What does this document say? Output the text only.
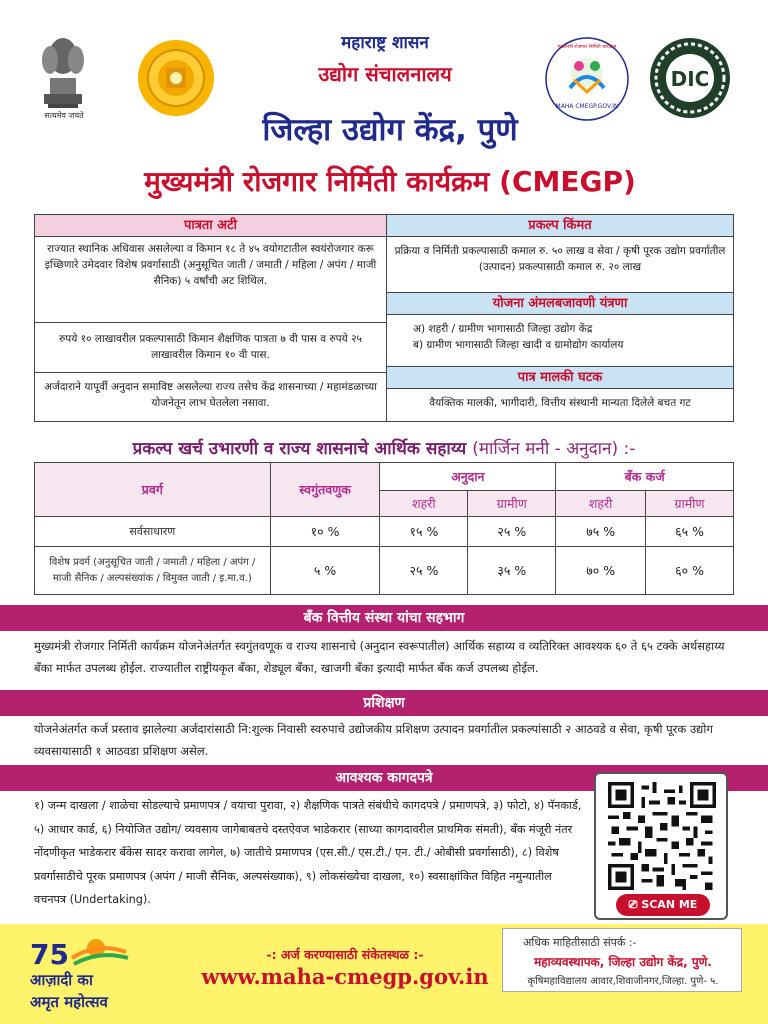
सत्यमेव जयते
महाराष्ट्र शासन
उद्योग संचालनालय
जिल्हा उद्योग केंद्र, पुणे
मुख्यमंत्री रोजगार निर्मिती कार्यक्रम (CMEGP)
MAHA CMEGP.GOV.IN
मुख्यमंत्री रोजगार निर्मिती कार्यक्रम
DIC
पात्रता अटी
राज्यात स्थानिक अधिवास असलेल्या व किमान १८ ते ४५ वयोगटातील स्वयंरोजगार करू इच्छिणारे उमेदवार विशेष प्रवर्गासाठी (अनुसूचित जाती / जमाती / महिला / अपंग / माजी सैनिक) ५ वर्षांची अट शिथिल.
रुपये १० लाखावरील प्रकल्पासाठी किमान शैक्षणिक पात्रता ७ वी पास व रुपये २५ लाखावरील किमान १० वी पास.
अर्जदाराने यापूर्वी अनुदान समाविष्ट असलेल्या राज्य तसेच केंद्र शासनाच्या / महामंडळाच्या योजनेतून लाभ घेतलेला नसावा.
प्रकल्प किंमत
प्रक्रिया व निर्मिती प्रकल्पासाठी कमाल रु. ५० लाख व सेवा / कृषी पूरक उद्योग प्रवर्गातील (उत्पादन) प्रकल्पासाठी कमाल रु. २० लाख
योजना अंमलबजावणी यंत्रणा
अ) शहरी / ग्रामीण भागासाठी जिल्हा उद्योग केंद्र
ब) ग्रामीण भागासाठी जिल्हा खादी व ग्रामोद्योग कार्यालय
पात्र मालकी घटक
वैयक्तिक मालकी, भागीदारी, वित्तीय संस्थानी मान्यता दिलेले बचत गट
प्रकल्प खर्च उभारणी व राज्य शासनाचे आर्थिक सहाय्य (मार्जिन मनी - अनुदान) :-
प्रवर्ग	स्वगुंतवणुक	अनुदान		बँक कर्ज	
		शहरी	ग्रामीण	शहरी	ग्रामीण
सर्वसाधारण	१० %	१५ %	२५ %	७५ %	६५ %
विशेष प्रवर्ग (अनुसूचित जाती / जमाती / महिला / अपंग / माजी सैनिक / अल्पसंख्यांक / विमुक्त जाती / इ.मा.व.)	५ %	२५ %	३५ %	७० %	६० %
बँक वित्तीय संस्था यांचा सहभाग
मुख्यमंत्री रोजगार निर्मिती कार्यक्रम योजनेअंतर्गत स्वगुंतवणूक व राज्य शासनाचे (अनुदान स्वरूपातील) आर्थिक सहाय्य व व्यतिरिक्त आवश्यक ६० ते ६५ टक्के अर्थसहाय्य बँका मार्फत उपलब्ध होईल. राज्यातील राष्ट्रीयकृत बँका, शेड्यूल बँका, खाजगी बँका इत्यादी मार्फत बँक कर्ज उपलब्ध होईल.
प्रशिक्षण
योजनेअंतर्गत कर्ज प्रस्ताव झालेल्या अर्जदारांसाठी नि:शुल्क निवासी स्वरुपाचे उद्योजकीय प्रशिक्षण उत्पादन प्रवर्गातील प्रकल्पांसाठी २ आठवडे व सेवा, कृषी पूरक उद्योग व्यवसायासाठी १ आठवडा प्रशिक्षण असेल.
आवश्यक कागदपत्रे
१) जन्म दाखला / शाळेचा सोडल्याचे प्रमाणपत्र / वयाचा पुरावा, २) शैक्षणिक पात्रते संबंधीचे कागदपत्रे / प्रमाणपत्रे, ३) फोटो, ४) पॅनकार्ड, ५) आधार कार्ड, ६) नियोजित उद्योग/ व्यवसाय जागेबाबतचे दस्तऐवज भाडेकरार (साध्या कागदावरील प्राथमिक संमती), बँक मंजूरी नंतर नोंदणीकृत भाडेकरार बँकेस सादर करावा लागेल, ७) जातीचे प्रमाणपत्र (एस.सी./ एस.टी./ एन. टी./ ओबीसी प्रवर्गासाठी), ८) विशेष प्रवर्गासाठीचे पूरक प्रमाणपत्र (अपंग / माजी सैनिक, अल्पसंख्याक), ९) लोकसंख्येचा दाखला, १०) स्वसाक्षांकित विहित नमुन्यातील वचनपत्र (Undertaking).	⎚ SCAN ME
75
आज़ादी का
अमृत महोत्सव
-: अर्ज करण्यासाठी संकेतस्थळ :-
www.maha-cmegp.gov.in
अधिक माहितीसाठी संपर्क :-
महाव्यवस्थापक, जिल्हा उद्योग केंद्र, पुणे.
कृषिमहाविद्यालय आवार,शिवाजीनगर,जिल्हा. पुणे- ५.
